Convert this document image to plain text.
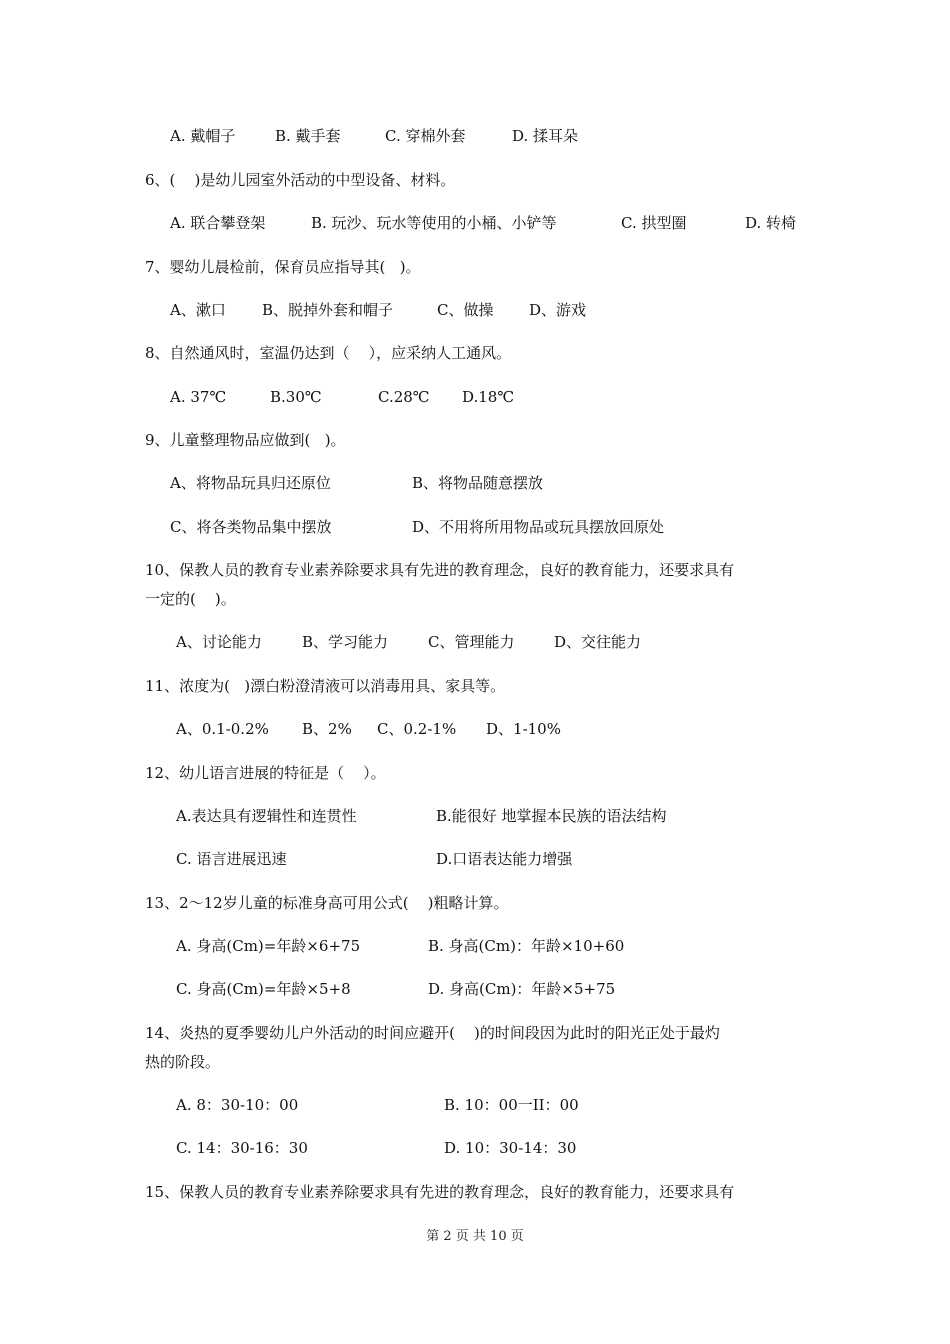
A. 戴帽子	B. 戴手套	C. 穿棉外套	D. 揉耳朵
6、(    )是幼儿园室外活动的中型设备、材料。
A. 联合攀登架	B. 玩沙、玩水等使用的小桶、小铲等	C. 拱型圈	D. 转椅
7、婴幼儿晨检前，保育员应指导其(   )。
A、漱口 B、脱掉外套和帽子	C、做操 D、游戏
8、自然通风时，室温仍达到（    ），应采纳人工通风。
A. 37℃	B.30℃	C.28℃ D.18℃
9、儿童整理物品应做到(   )。
A、将物品玩具归还原位	B、将物品随意摆放
C、将各类物品集中摆放	D、不用将所用物品或玩具摆放回原处
10、保教人员的教育专业素养除要求具有先进的教育理念，良好的教育能力，还要求具有
一定的(    )。
A、讨论能力	B、学习能力	C、管理能力	D、交往能力
11、浓度为(   )漂白粉澄清液可以消毒用具、家具等。
A、0.1-0.2% B、2% C、0.2-1% D、1-10%
12、幼儿语言进展的特征是（    ）。
A.表达具有逻辑性和连贯性	B.能很好 地掌握本民族的语法结构
C. 语言进展迅速	D.口语表达能力增强
13、2～12岁儿童的标准身高可用公式(    )粗略计算。
A. 身高(Cm)=年龄×6+75	B. 身高(Cm)：年龄×10+60
C. 身高(Cm)=年龄×5+8	D. 身高(Cm)：年龄×5+75
14、炎热的夏季婴幼儿户外活动的时间应避开(    )的时间段因为此时的阳光正处于最灼
热的阶段。
A. 8：30-10：00	B. 10：00一II：00
C. 14：30-16：30	D. 10：30-14：30
15、保教人员的教育专业素养除要求具有先进的教育理念，良好的教育能力，还要求具有
第 2 页 共 10 页
